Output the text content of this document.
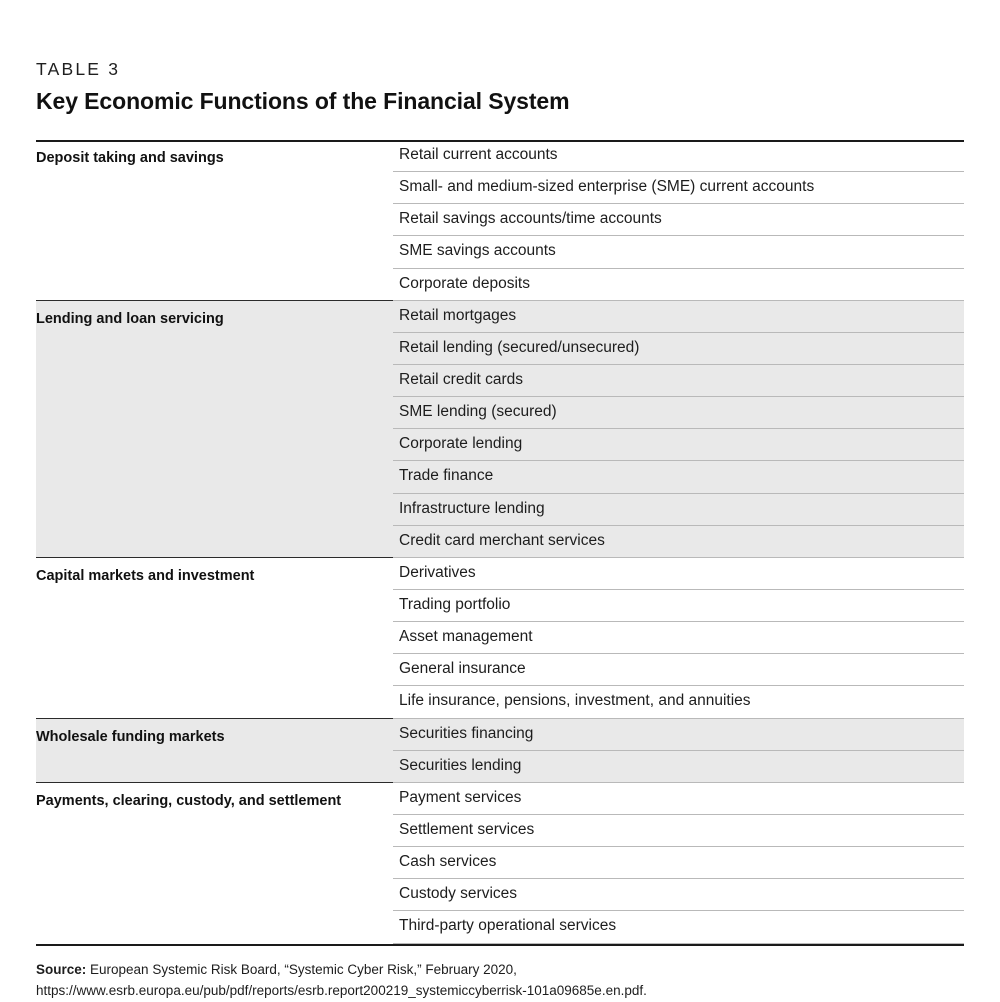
TABLE 3
Key Economic Functions of the Financial System
Deposit taking and savings	Retail current accounts
	Small- and medium-sized enterprise (SME) current accounts
	Retail savings accounts/time accounts
	SME savings accounts
	Corporate deposits
Lending and loan servicing	Retail mortgages
	Retail lending (secured/unsecured)
	Retail credit cards
	SME lending (secured)
	Corporate lending
	Trade finance
	Infrastructure lending
	Credit card merchant services
Capital markets and investment	Derivatives
	Trading portfolio
	Asset management
	General insurance
	Life insurance, pensions, investment, and annuities
Wholesale funding markets	Securities financing
	Securities lending
Payments, clearing, custody, and settlement	Payment services
	Settlement services
	Cash services
	Custody services
	Third-party operational services
Source: European Systemic Risk Board, “Systemic Cyber Risk,” February 2020, https://www.esrb.europa.eu/pub/pdf/reports/esrb.report200219_systemiccyberrisk-101a09685e.en.pdf.
